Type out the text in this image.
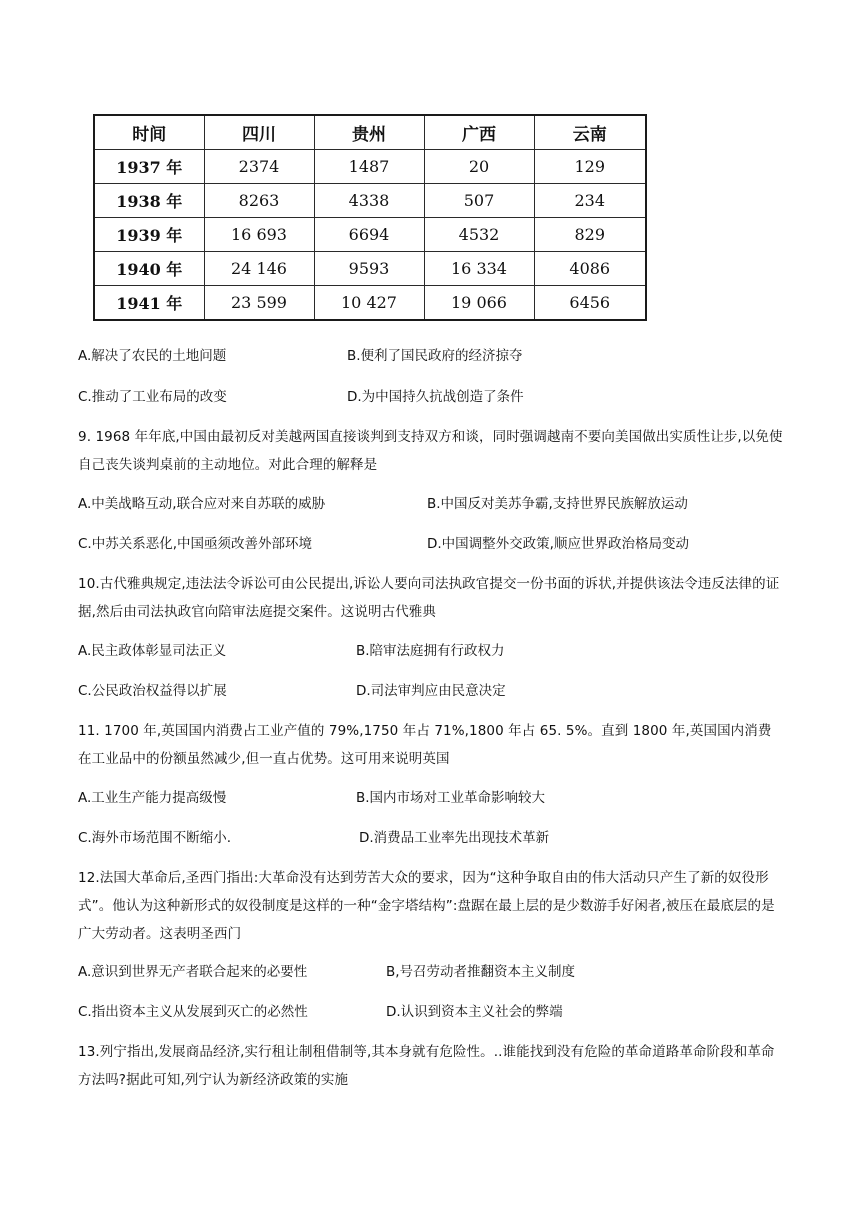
时间	四川	贵州	广西	云南
1937 年	2374	1487	20	129
1938 年	8263	4338	507	234
1939 年	16 693	6694	4532	829
1940 年	24 146	9593	16 334	4086
1941 年	23 599	10 427	19 066	6456
A.解决了农民的土地问题	B.便利了国民政府的经济掠夺
C.推动了工业布局的改变	D.为中国持久抗战创造了条件
9. 1968 年年底,中国由最初反对美越两国直接谈判到支持双方和谈，同时强调越南不要向美国做出实质性让步,以免使自己丧失谈判桌前的主动地位。对此合理的解释是
A.中美战略互动,联合应对来自苏联的威胁	B.中国反对美苏争霸,支持世界民族解放运动
C.中苏关系恶化,中国亟须改善外部环境	D.中国调整外交政策,顺应世界政治格局变动
10.古代雅典规定,违法法令诉讼可由公民提出,诉讼人要向司法执政官提交一份书面的诉状,并提供该法令违反法律的证据,然后由司法执政官向陪审法庭提交案件。这说明古代雅典
A.民主政体彰显司法正义	B.陪审法庭拥有行政权力
C.公民政治权益得以扩展	D.司法审判应由民意决定
11. 1700 年,英国国内消费占工业产值的 79%,1750 年占 71%,1800 年占 65. 5%。直到 1800 年,英国国内消费在工业品中的份额虽然减少,但一直占优势。这可用来说明英国
A.工业生产能力提高级慢	B.国内市场对工业革命影响较大
C.海外市场范围不断缩小.	D.消费品工业率先出现技术革新
12.法国大革命后,圣西门指出:大革命没有达到劳苦大众的要求，因为“这种争取自由的伟大活动只产生了新的奴役形式”。他认为这种新形式的奴役制度是这样的一种“金字塔结构”:盘踞在最上层的是少数游手好闲者,被压在最底层的是广大劳动者。这表明圣西门
A.意识到世界无产者联合起来的必要性	B,号召劳动者推翻资本主义制度
C.指出资本主义从发展到灭亡的必然性	D.认识到资本主义社会的弊端
13.列宁指出,发展商品经济,实行租让制租借制等,其本身就有危险性。..谁能找到没有危险的革命道路革命阶段和革命方法吗?据此可知,列宁认为新经济政策的实施
